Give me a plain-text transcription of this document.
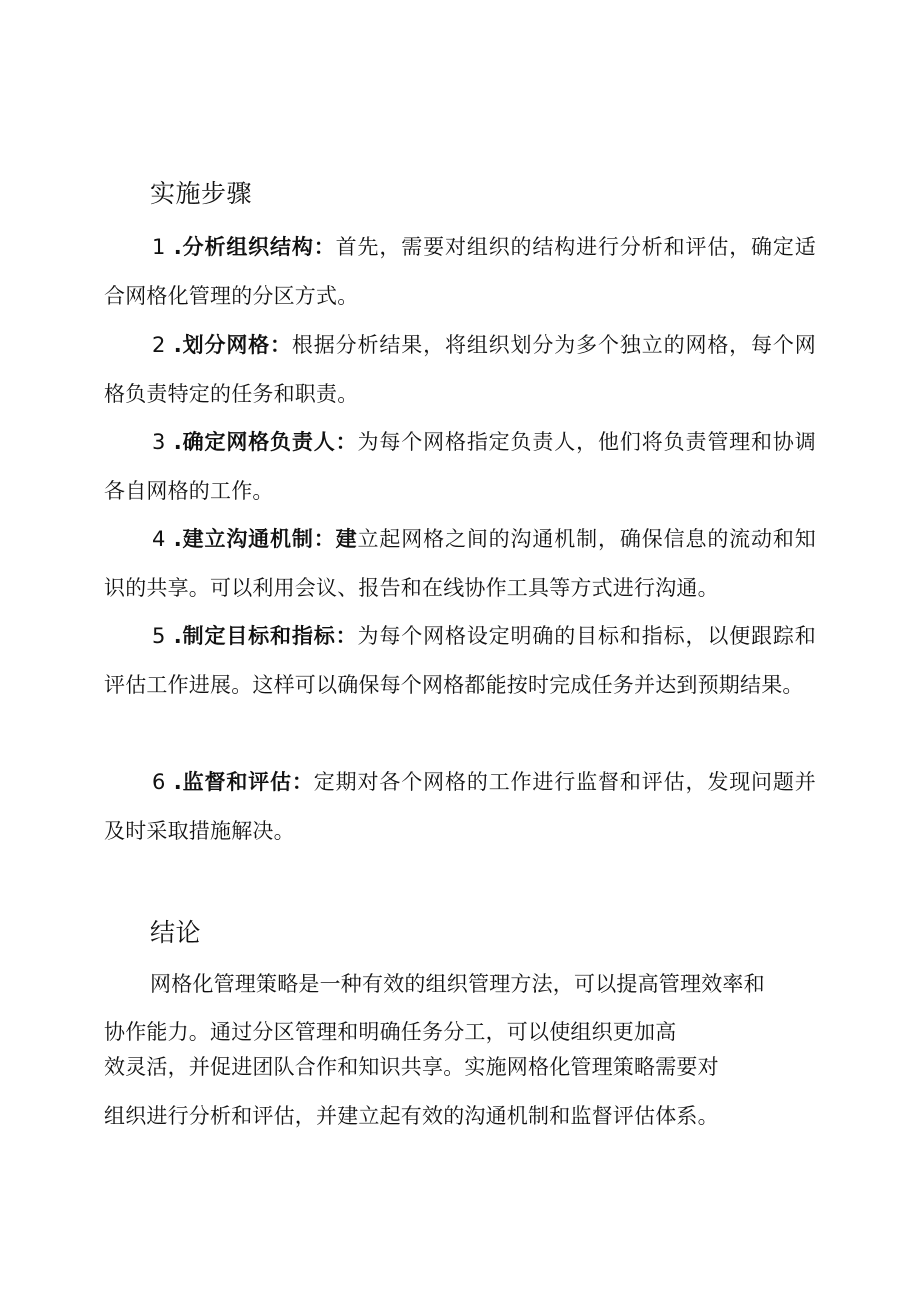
实施步骤

1 .分析组织结构：首先，需要对组织的结构进行分析和评估，确定适合网格化管理的分区方式。

2 .划分网格：根据分析结果，将组织划分为多个独立的网格，每个网格负责特定的任务和职责。

3 .确定网格负责人：为每个网格指定负责人，他们将负责管理和协调各自网格的工作。

4 .建立沟通机制：建立起网格之间的沟通机制，确保信息的流动和知识的共享。可以利用会议、报告和在线协作工具等方式进行沟通。

5 .制定目标和指标：为每个网格设定明确的目标和指标，以便跟踪和评估工作进展。这样可以确保每个网格都能按时完成任务并达到预期结果。

6 .监督和评估：定期对各个网格的工作进行监督和评估，发现问题并及时采取措施解决。

结论

网格化管理策略是一种有效的组织管理方法，可以提高管理效率和

协作能力。通过分区管理和明确任务分工，可以使组织更加高

效灵活，并促进团队合作和知识共享。实施网格化管理策略需要对

组织进行分析和评估，并建立起有效的沟通机制和监督评估体系。
